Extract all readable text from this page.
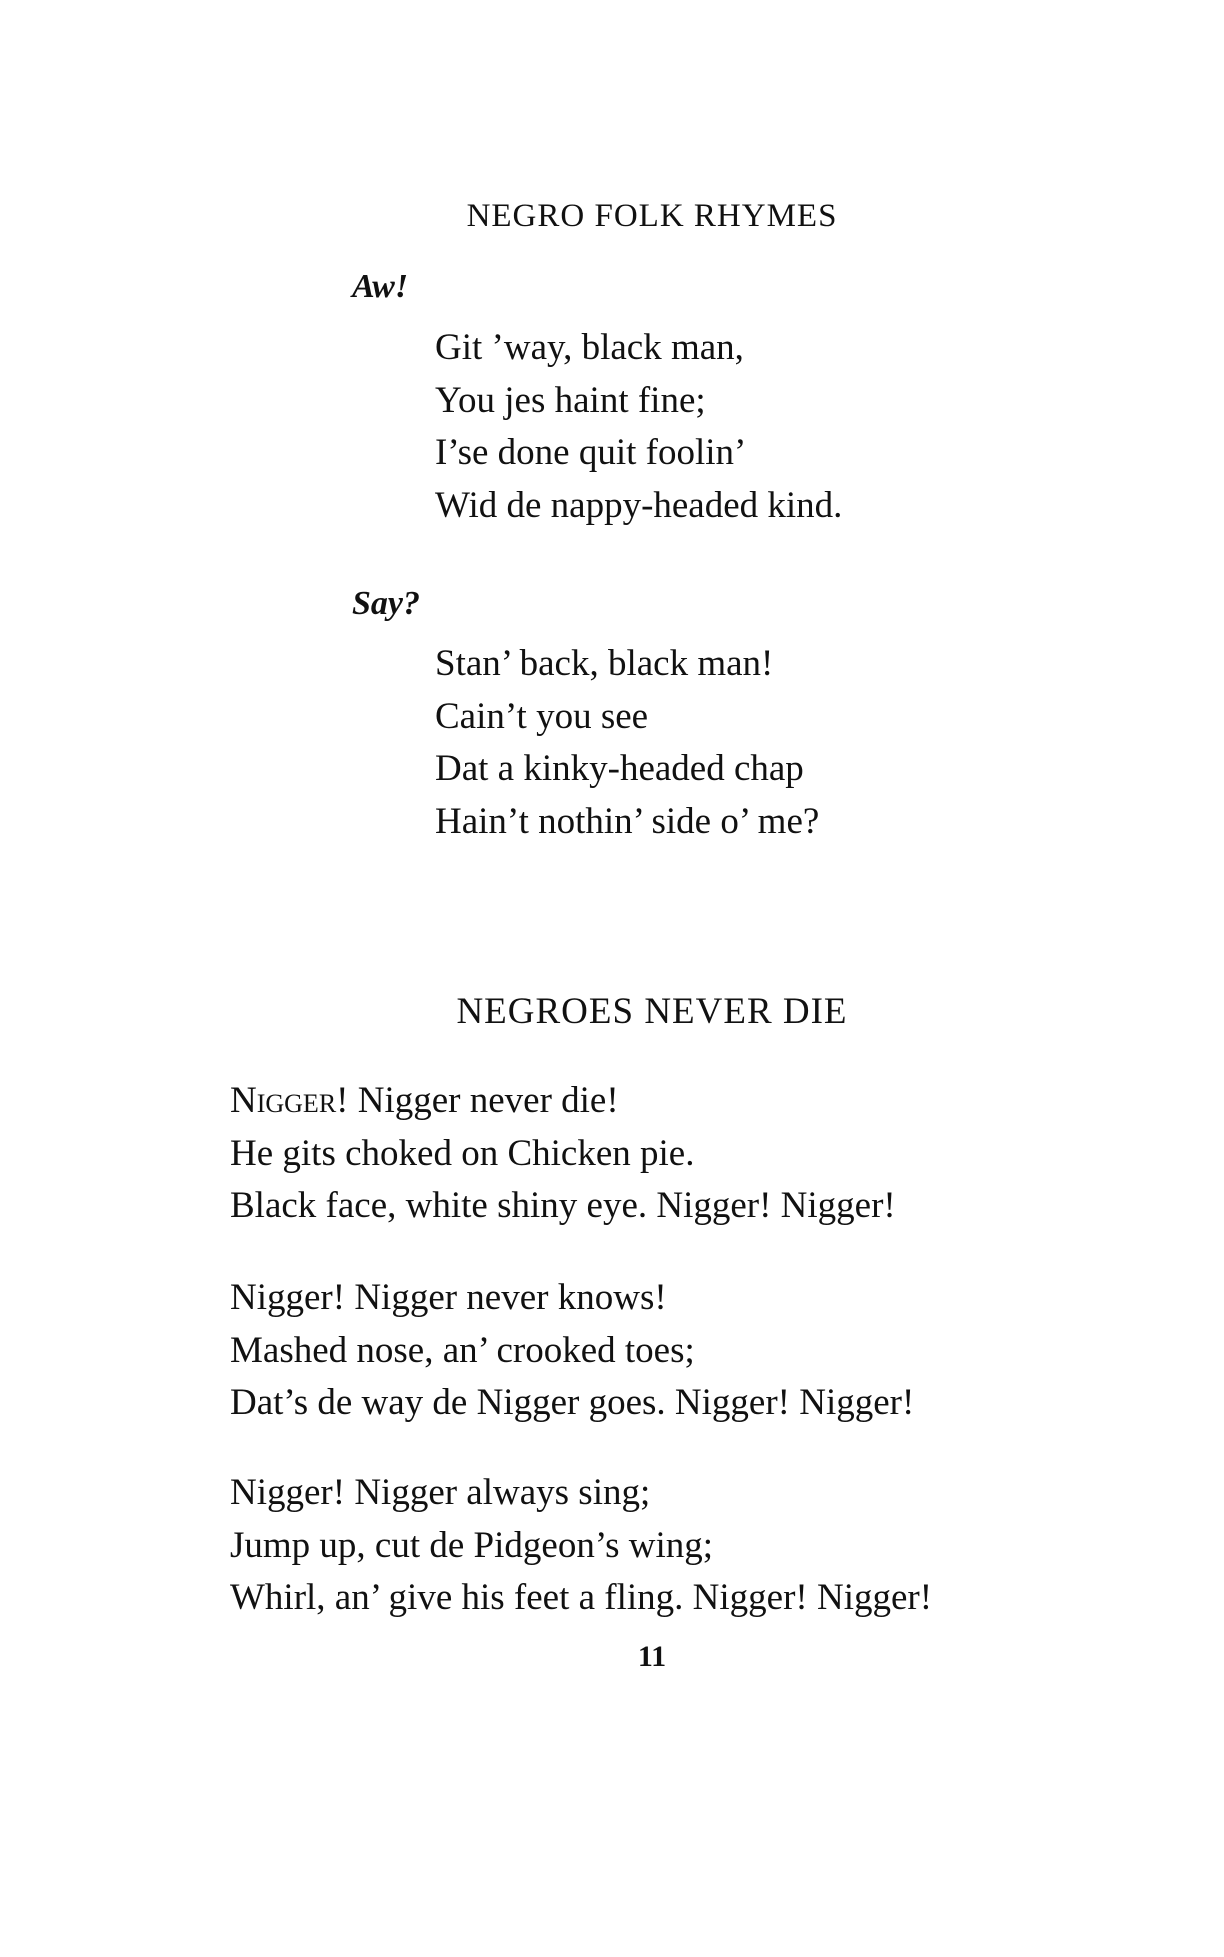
NEGRO FOLK RHYMES
Aw!
Git ’way, black man,
You jes haint fine;
I’se done quit foolin’
Wid de nappy-headed kind.
Say?
Stan’ back, black man!
Cain’t you see
Dat a kinky-headed chap
Hain’t nothin’ side o’ me?
NEGROES NEVER DIE
Nigger! Nigger never die!
He gits choked on Chicken pie.
Black face, white shiny eye. Nigger! Nigger!
Nigger! Nigger never knows!
Mashed nose, an’ crooked toes;
Dat’s de way de Nigger goes. Nigger! Nigger!
Nigger! Nigger always sing;
Jump up, cut de Pidgeon’s wing;
Whirl, an’ give his feet a fling. Nigger! Nigger!
11
